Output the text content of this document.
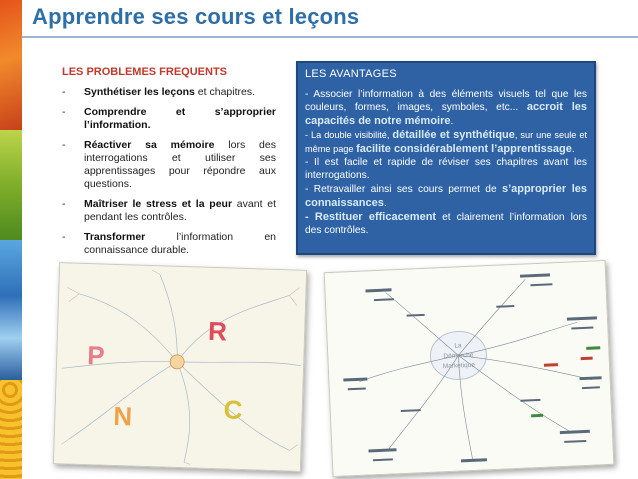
Apprendre ses cours et leçons
LES PROBLEMES FREQUENTS
- Synthétiser les leçons et chapitres.
- Comprendre et s’approprier l’information.
- Réactiver sa mémoire lors des interrogations et utiliser ses apprentissages pour répondre aux questions.
- Maîtriser le stress et la peur avant et pendant les contrôles.
- Transformer l’information en connaissance durable.
LES AVANTAGES

- Associer l’information à des éléments visuels tel que les couleurs, formes, images, symboles, etc... accroit les capacités de notre mémoire.

- La double visibilité, détaillée et synthétique, sur une seule et même page facilite considérablement l’apprentissage.

- Il est facile et rapide de réviser ses chapitres avant les interrogations.

- Retravailler ainsi ses cours permet de s’approprier les connaissances.

- Restituer efficacement et clairement l’information lors des contrôles.

P
R
N	C
La
Démarche
Marketique
